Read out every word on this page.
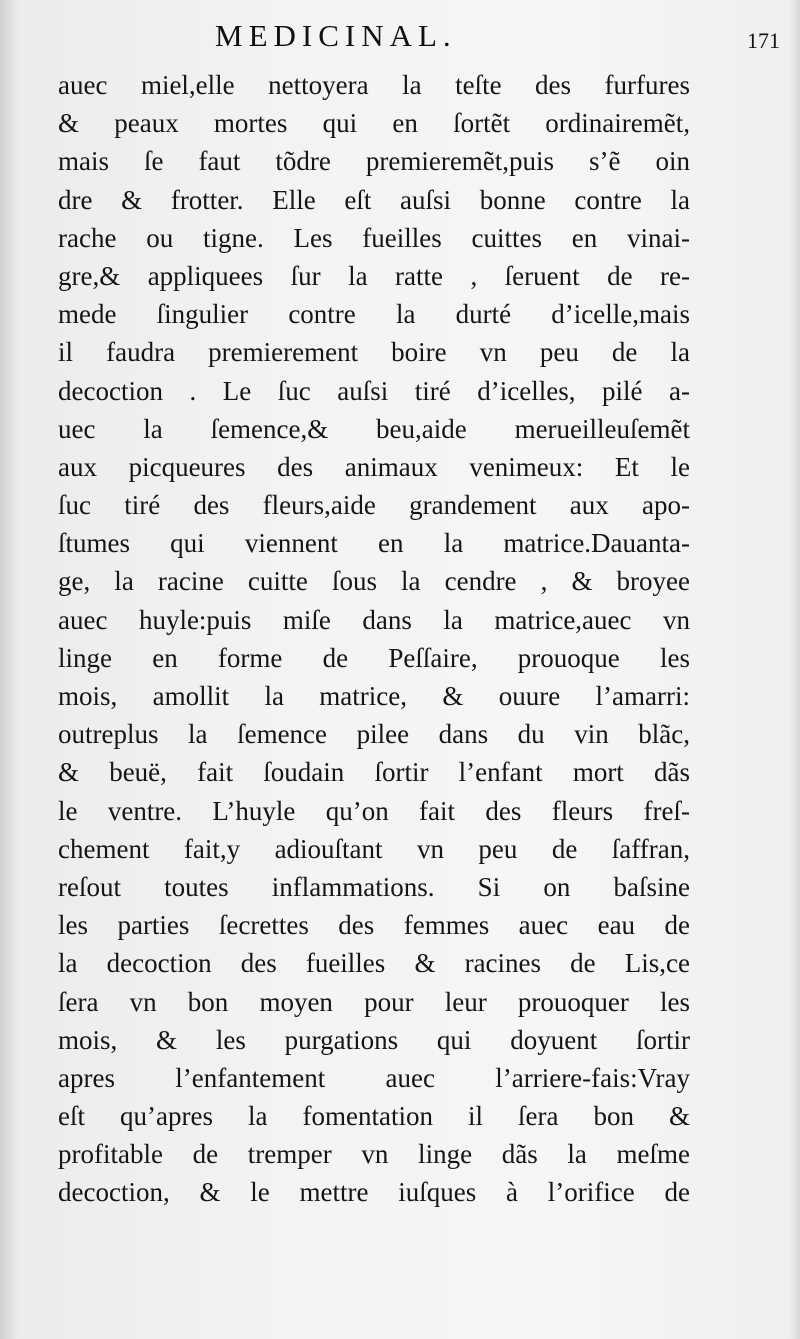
MEDICINAL.	171
auec miel,elle nettoyera la teſte des furfures
& peaux mortes qui en ſortẽt ordinairemẽt,
mais ſe faut tõdre premieremẽt,puis s’ẽ oin
dre & frotter. Elle eſt auſsi bonne contre la
rache ou tigne. Les fueilles cuittes en vinai-
gre,& appliquees ſur la ratte , ſeruent de re-
mede ſingulier contre la durté d’icelle,mais
il faudra premierement boire vn peu de la
decoction . Le ſuc auſsi tiré d’icelles, pilé a-
uec la ſemence,& beu,aide merueilleuſemẽt
aux picqueures des animaux venimeux: Et le
ſuc tiré des fleurs,aide grandement aux apo-
ſtumes qui viennent en la matrice.Dauanta-
ge, la racine cuitte ſous la cendre , & broyee
auec huyle:puis miſe dans la matrice,auec vn
linge en forme de Peſſaire, prouoque les
mois, amollit la matrice, & ouure l’amarri:
outreplus la ſemence pilee dans du vin blãc,
& beuë, fait ſoudain ſortir l’enfant mort dãs
le ventre. L’huyle qu’on fait des fleurs freſ-
chement fait,y adiouſtant vn peu de ſaffran,
reſout toutes inflammations. Si on baſsine
les parties ſecrettes des femmes auec eau de
la decoction des fueilles & racines de Lis,ce
ſera vn bon moyen pour leur prouoquer les
mois, & les purgations qui doyuent ſortir
apres l’enfantement auec l’arriere-fais:Vray
eſt qu’apres la fomentation il ſera bon &
profitable de tremper vn linge dãs la meſme
decoction, & le mettre iuſques à l’orifice de
